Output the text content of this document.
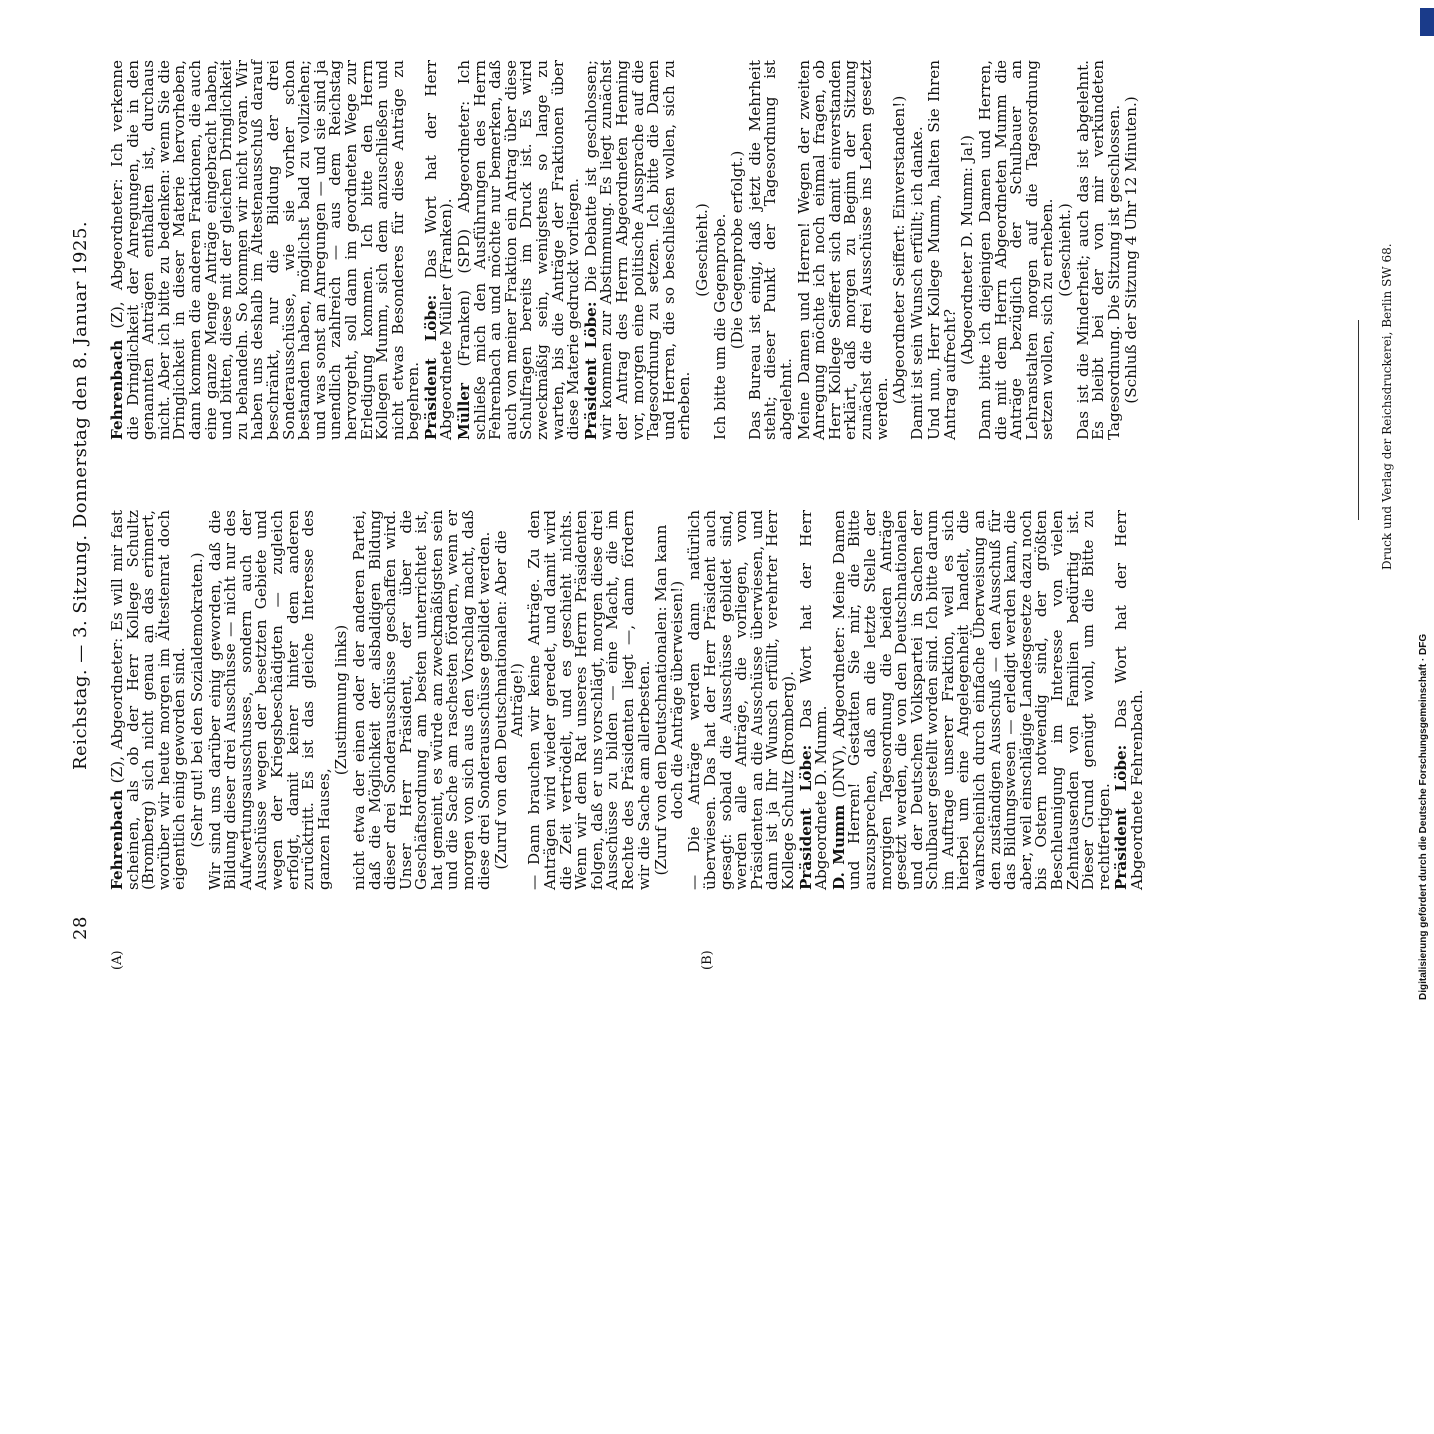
28
Reichstag. — 3. Sitzung. Donnerstag den 8. Januar 1925.
(A)	(B)

Fehrenbach (Z), Abgeordneter: Es will mir fast scheinen, als ob der Herr Kollege Schultz (Bromberg) sich nicht genau an das erinnert, worüber wir heute morgen im Ältestenrat doch eigentlich einig geworden sind. (Sehr gut! bei den Sozialdemokraten.) Wir sind uns darüber einig geworden, daß die Bildung dieser drei Ausschüsse — nicht nur des Aufwertungsausschusses, sondern auch der Ausschüsse wegen der besetzten Gebiete und wegen der Kriegsbeschädigten — zugleich erfolgt, damit keiner hinter dem anderen zurücktritt. Es ist das gleiche Interesse des ganzen Hauses,

(Zustimmung links) nicht etwa der einen oder der anderen Partei, daß die Möglichkeit der alsbaldigen Bildung dieser drei Sonderausschüsse geschaffen wird. Unser Herr Präsident, der über die Geschäftsordnung am besten unterrichtet ist, hat gemeint, es würde am zweckmäßigsten sein und die Sache am raschesten fördern, wenn er morgen von sich aus den Vorschlag macht, daß diese drei Sonderausschüsse gebildet werden. (Zuruf von den Deutschnationalen: Aber die Anträge!) — Dann brauchen wir keine Anträge. Zu den Anträgen wird wieder geredet, und damit wird die Zeit vertrödelt, und es geschieht nichts. Wenn wir dem Rat unseres Herrn Präsidenten folgen, daß er uns vorschlägt, morgen diese drei Ausschüsse zu bilden — eine Macht, die im Rechte des Präsidenten liegt —, dann fördern wir die Sache am allerbesten. (Zuruf von den Deutschnationalen: Man kann doch die Anträge überweisen!) — Die Anträge werden dann natürlich überwiesen. Das hat der Herr Präsident auch gesagt: sobald die Ausschüsse gebildet sind, werden alle Anträge, die vorliegen, vom Präsidenten an die Ausschüsse überwiesen, und dann ist ja Ihr Wunsch erfüllt, verehrter Herr Kollege Schultz (Bromberg). Präsident Löbe: Das Wort hat der Herr Abgeordnete D. Mumm. D. Mumm (DNV), Abgeordneter: Meine Damen und Herren! Gestatten Sie mir, die Bitte auszusprechen, daß an die letzte Stelle der morgigen Tagesordnung die beiden Anträge gesetzt werden, die von den Deutschnationalen und der Deutschen Volkspartei in Sachen der Schulbauer gestellt worden sind. Ich bitte darum im Auftrage unserer Fraktion, weil es sich hierbei um eine Angelegenheit handelt, die wahrscheinlich durch einfache Überweisung an den zuständigen Ausschuß — den Ausschuß für das Bildungswesen — erledigt werden kann, die aber, weil einschlägige Landesgesetze dazu noch bis Ostern notwendig sind, der größten Beschleunigung im Interesse von vielen Zehntausenden von Familien bedürftig ist. Dieser Grund genügt wohl, um die Bitte zu rechtfertigen. Präsident Löbe: Das Wort hat der Herr Abgeordnete Fehrenbach.

Fehrenbach (Z), Abgeordneter: Ich verkenne die Dringlichkeit der Anregungen, die in den genannten Anträgen enthalten ist, durchaus nicht. Aber ich bitte zu bedenken: wenn Sie die Dringlichkeit in dieser Materie hervorheben, dann kommen die anderen Fraktionen, die auch eine ganze Menge Anträge eingebracht haben, und bitten, diese mit der gleichen Dringlichkeit zu behandeln. So kommen wir nicht voran. Wir haben uns deshalb im Ältestenausschuß darauf beschränkt, nur die Bildung der drei Sonderausschüsse, wie sie vorher schon bestanden haben, möglichst bald zu vollziehen; und was sonst an Anregungen — und sie sind ja unendlich zahlreich — aus dem Reichstag hervorgeht, soll dann im geordneten Wege zur Erledigung kommen. Ich bitte den Herrn Kollegen Mumm, sich dem anzuschließen und nicht etwas Besonderes für diese Anträge zu begehren. Präsident Löbe: Das Wort hat der Herr Abgeordnete Müller (Franken). Müller (Franken) (SPD) Abgeordneter: Ich schließe mich den Ausführungen des Herrn Fehrenbach an und möchte nur bemerken, daß auch von meiner Fraktion ein Antrag über diese Schulfragen bereits im Druck ist. Es wird zweckmäßig sein, wenigstens so lange zu warten, bis die Anträge der Fraktionen über diese Materie gedruckt vorliegen. Präsident Löbe: Die Debatte ist geschlossen; wir kommen zur Abstimmung. Es liegt zunächst der Antrag des Herrn Abgeordneten Henning vor, morgen eine politische Aussprache auf die Tagesordnung zu setzen. Ich bitte die Damen und Herren, die so beschließen wollen, sich zu erheben.

(Geschieht.) Ich bitte um die Gegenprobe. (Die Gegenprobe erfolgt.) Das Bureau ist einig, daß jetzt die Mehrheit steht; dieser Punkt der Tagesordnung ist abgelehnt. Meine Damen und Herren! Wegen der zweiten Anregung möchte ich noch einmal fragen, ob Herr Kollege Seiffert sich damit einverstanden erklärt, daß morgen zu Beginn der Sitzung zunächst die drei Ausschüsse ins Leben gesetzt werden.

(Abgeordneter Seiffert: Einverstanden!) Damit ist sein Wunsch erfüllt; ich danke. Und nun, Herr Kollege Mumm, halten Sie Ihren Antrag aufrecht?

(Abgeordneter D. Mumm: Ja!) Dann bitte ich diejenigen Damen und Herren, die mit dem Herrn Abgeordneten Mumm die Anträge bezüglich der Schulbauer an Lehranstalten morgen auf die Tagesordnung setzen wollen, sich zu erheben. (Geschieht.) Das ist die Minderheit; auch das ist abgelehnt. Es bleibt bei der von mir verkündeten Tagesordnung. Die Sitzung ist geschlossen. (Schluß der Sitzung 4 Uhr 12 Minuten.)	Druck und Verlag der Reichsdruckerei, Berlin SW 68.
Digitalisierung gefördert durch die Deutsche Forschungsgemeinschaft · DFG
